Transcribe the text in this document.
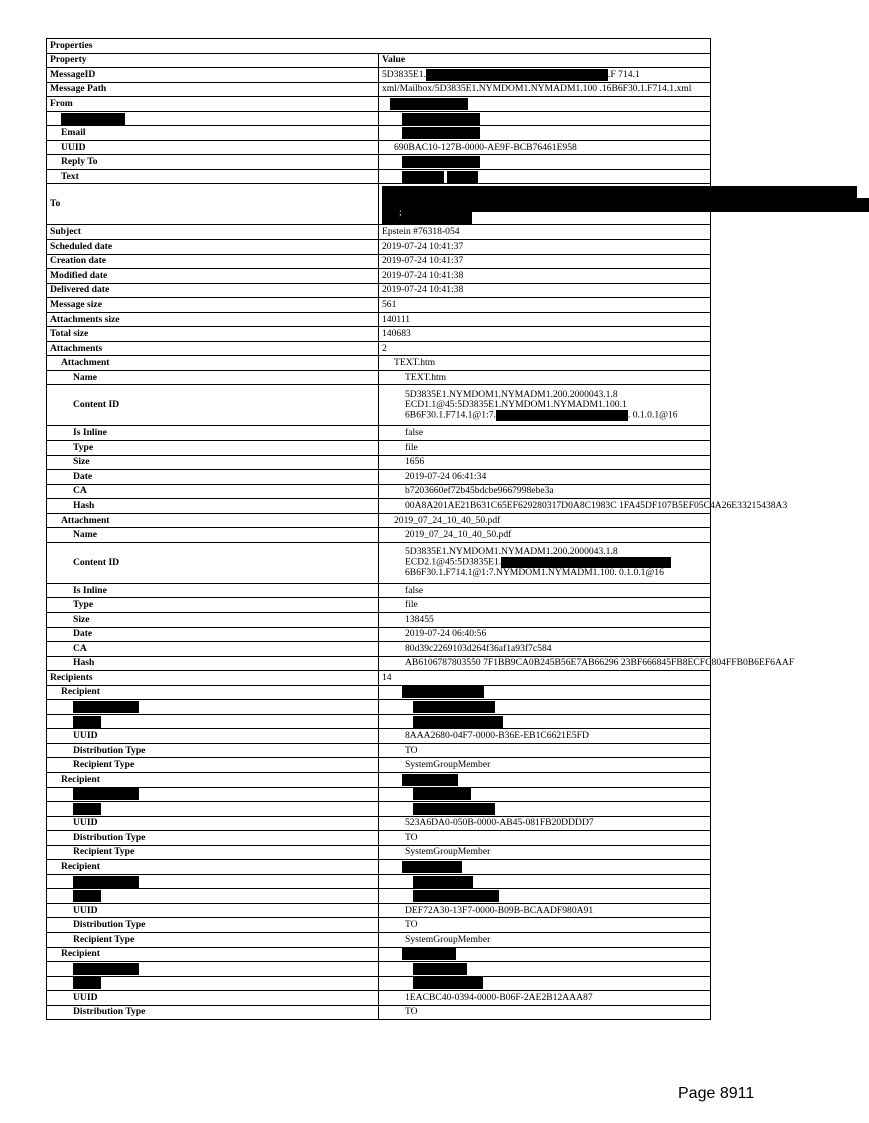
Properties	
Property	Value
MessageID	5D3835E1. .F 714.1
Message Path	xml/Mailbox/5D3835E1.NYMDOM1.NYMADM1.100 .16B6F30.1.F714.1.xml
From	

Email	
UUID	690BAC10-127B-0000-AE9F-BCB76461E958
Reply To	
Text	
To	;

Subject	Epstein #76318-054
Scheduled date	2019-07-24 10:41:37
Creation date	2019-07-24 10:41:37
Modified date	2019-07-24 10:41:38
Delivered date	2019-07-24 10:41:38
Message size	561
Attachments size	140111
Total size	140683
Attachments	2
Attachment	TEXT.htm
Name	TEXT.htm
Content ID	5D3835E1.NYMDOM1.NYMADM1.200.2000043.1.8
ECD1.1@45:5D3835E1.NYMDOM1.NYMADM1.100.1
6B6F30.1.F714.1@1:7. . 0.1.0.1@16

Is Inline	false
Type	file
Size	1656
Date	2019-07-24 06:41:34
CA	b7203660ef72b45bdcbe9667998ebe3a
Hash	00A8A201AE21B631C65EF629280317D0A8C1983C 1FA45DF107B5EF05C4A26E33215438A3
Attachment	2019_07_24_10_40_50.pdf
Name	2019_07_24_10_40_50.pdf
Content ID	5D3835E1.NYMDOM1.NYMADM1.200.2000043.1.8
ECD2.1@45:5D3835E1.
6B6F30.1.F714.1@1:7.NYMDOM1.NYMADM1.100. 0.1.0.1@16

Is Inline	false
Type	file
Size	138455
Date	2019-07-24 06:40:56
CA	80d39c2269103d264f36af1a93f7c584
Hash	AB6106787803550 7F1BB9CA0B245B56E7AB66296 23BF666845FB8ECFC804FFB0B6EF6AAF
Recipients	14
Recipient	

UUID	8AAA2680-04F7-0000-B36E-EB1C6621E5FD
Distribution Type	TO
Recipient Type	SystemGroupMember
Recipient	

UUID	523A6DA0-050B-0000-AB45-081FB20DDDD7
Distribution Type	TO
Recipient Type	SystemGroupMember
Recipient	

UUID	DEF72A30-13F7-0000-B09B-BCAADF980A91
Distribution Type	TO
Recipient Type	SystemGroupMember
Recipient	

UUID	1EACBC40-0394-0000-B06F-2AE2B12AAA87
Distribution Type	TO
Page 8911
